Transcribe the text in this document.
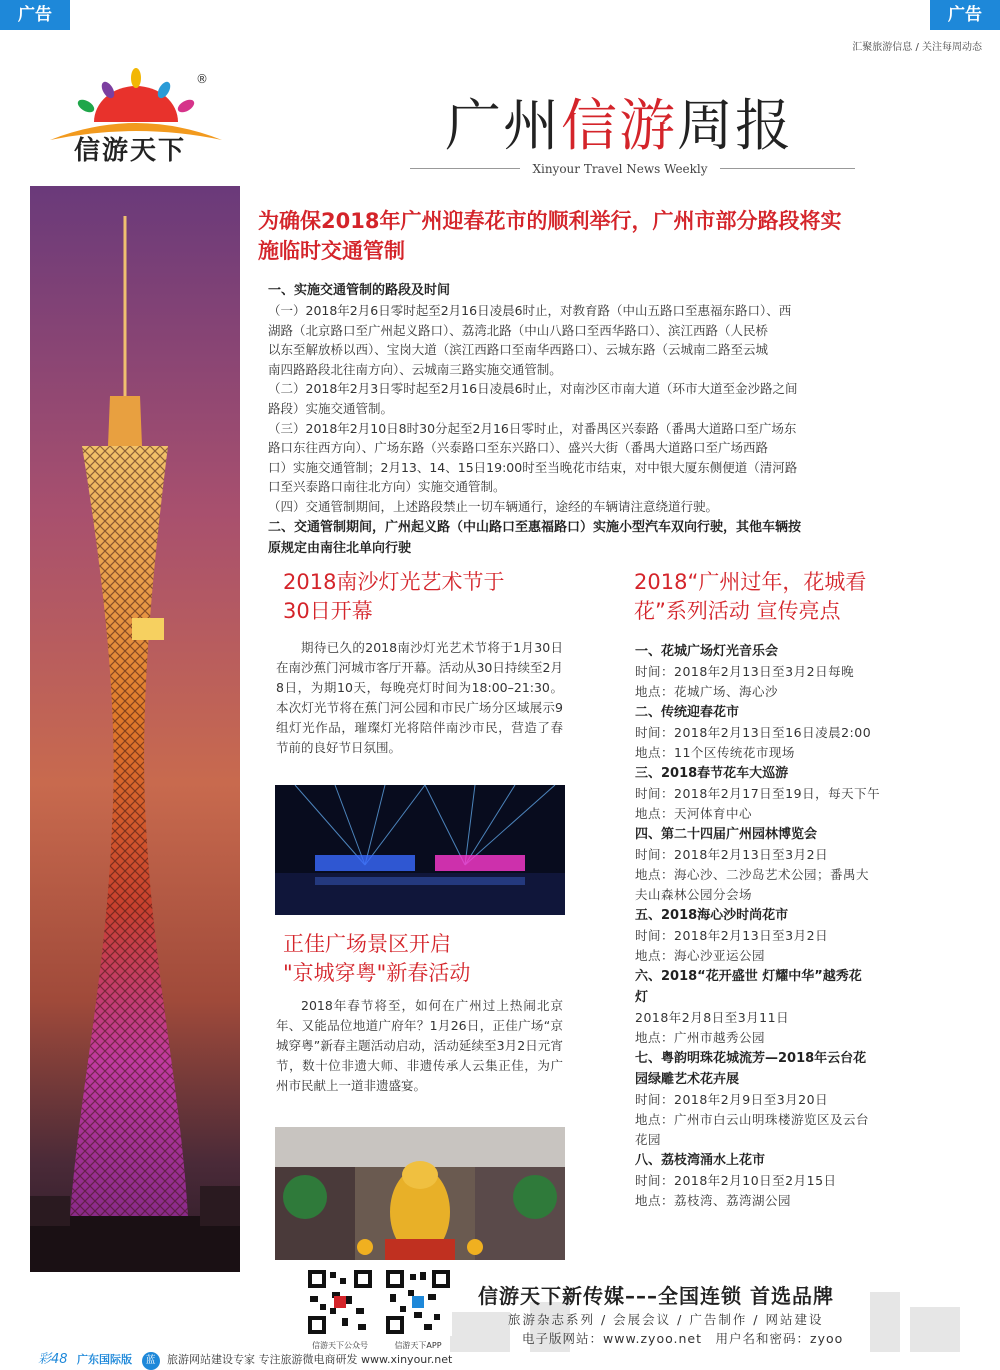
广告	广告
汇聚旅游信息 / 关注每周动态
信游天下
®
广州信游周报
Xinyour Travel News Weekly
为确保2018年广州迎春花市的顺利举行，广州市部分路段将实
施临时交通管制

一、实施交通管制的路段及时间

（一）2018年2月6日零时起至2月16日凌晨6时止，对教育路（中山五路口至惠福东路口）、西

湖路（北京路口至广州起义路口）、荔湾北路（中山八路口至西华路口）、滨江西路（人民桥

以东至解放桥以西）、宝岗大道（滨江西路口至南华西路口）、云城东路（云城南二路至云城

南四路路段北往南方向）、云城南三路实施交通管制。

（二）2018年2月3日零时起至2月16日凌晨6时止，对南沙区市南大道（环市大道至金沙路之间

路段）实施交通管制。

（三）2018年2月10日8时30分起至2月16日零时止，对番禺区兴泰路（番禺大道路口至广场东

路口东往西方向）、广场东路（兴泰路口至东兴路口）、盛兴大街（番禺大道路口至广场西路

口）实施交通管制；2月13、14、15日19:00时至当晚花市结束，对中银大厦东侧便道（清河路

口至兴泰路口南往北方向）实施交通管制。

（四）交通管制期间，上述路段禁止一切车辆通行，途经的车辆请注意绕道行驶。

二、交通管制期间，广州起义路（中山路口至惠福路口）实施小型汽车双向行驶，其他车辆按

原规定由南往北单向行驶

2018南沙灯光艺术节于
30日开幕

期待已久的2018南沙灯光艺术节将于1月30日在南沙蕉门河城市客厅开幕。活动从30日持续至2月8日，为期10天，每晚亮灯时间为18:00–21:30。本次灯光节将在蕉门河公园和市民广场分区域展示9组灯光作品，璀璨灯光将陪伴南沙市民，营造了春节前的良好节日氛围。

正佳广场景区开启
"京城穿粤"新春活动

2018年春节将至，如何在广州过上热闹北京年、又能品位地道广府年？1月26日，正佳广场“京城穿粤”新春主题活动启动，活动延续至3月2日元宵节，数十位非遗大师、非遗传承人云集正佳，为广州市民献上一道非遗盛宴。

2018“广州过年，花城看
花”系列活动 宣传亮点
一、花城广场灯光音乐会
时间：2018年2月13日至3月2日每晚
地点：花城广场、海心沙
二、传统迎春花市
时间：2018年2月13日至16日凌晨2:00
地点：11个区传统花市现场
三、2018春节花车大巡游
时间：2018年2月17日至19日，每天下午
地点：天河体育中心
四、第二十四届广州园林博览会
时间：2018年2月13日至3月2日
地点：海心沙、二沙岛艺术公园；番禺大
夫山森林公园分会场
五、2018海心沙时尚花市
时间：2018年2月13日至3月2日
地点：海心沙亚运公园
六、2018“花开盛世 灯耀中华”越秀花
灯
2018年2月8日至3月11日
地点：广州市越秀公园
七、粤韵明珠花城流芳—2018年云台花
园绿雕艺术花卉展
时间：2018年2月9日至3月20日
地点：广州市白云山明珠楼游览区及云台
花园
八、荔枝湾涌水上花市
时间：2018年2月10日至2月15日
地点：荔枝湾、荔湾湖公园
信游天下公众号	信游天下APP
信游天下新传媒–––全国连锁 首选品牌
旅游杂志系列 / 会展会议 / 广告制作 / 网站建设
电子版网站：www.zyoo.net　用户名和密码：zyoo
彩48 广东国际版 蓝 旅游网站建设专家 专注旅游微电商研发 www.xinyour.net
